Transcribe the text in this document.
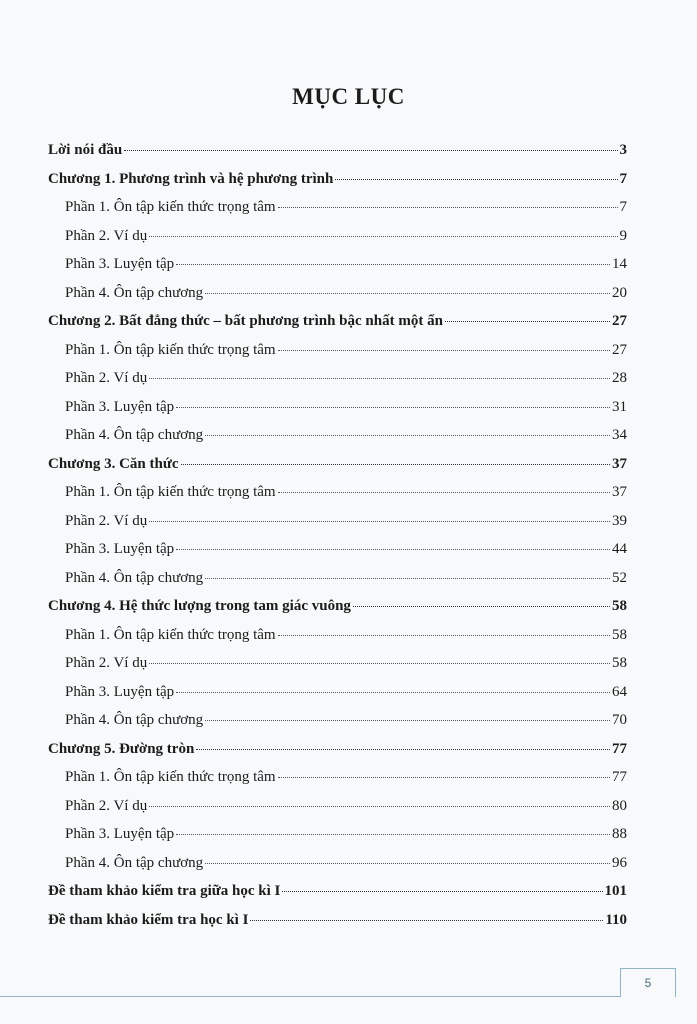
MỤC LỤC
Lời nói đầu	3
Chương 1. Phương trình và hệ phương trình	7
Phần 1. Ôn tập kiến thức trọng tâm	7
Phần 2. Ví dụ	9
Phần 3. Luyện tập	14
Phần 4. Ôn tập chương	20
Chương 2. Bất đẳng thức – bất phương trình bậc nhất một ẩn	27
Phần 1. Ôn tập kiến thức trọng tâm	27
Phần 2. Ví dụ	28
Phần 3. Luyện tập	31
Phần 4. Ôn tập chương	34
Chương 3. Căn thức	37
Phần 1. Ôn tập kiến thức trọng tâm	37
Phần 2. Ví dụ	39
Phần 3. Luyện tập	44
Phần 4. Ôn tập chương	52
Chương 4. Hệ thức lượng trong tam giác vuông	58
Phần 1. Ôn tập kiến thức trọng tâm	58
Phần 2. Ví dụ	58
Phần 3. Luyện tập	64
Phần 4. Ôn tập chương	70
Chương 5. Đường tròn	77
Phần 1. Ôn tập kiến thức trọng tâm	77
Phần 2. Ví dụ	80
Phần 3. Luyện tập	88
Phần 4. Ôn tập chương	96
Đề tham khảo kiểm tra giữa học kì I	101
Đề tham khảo kiểm tra học kì I	110
5
